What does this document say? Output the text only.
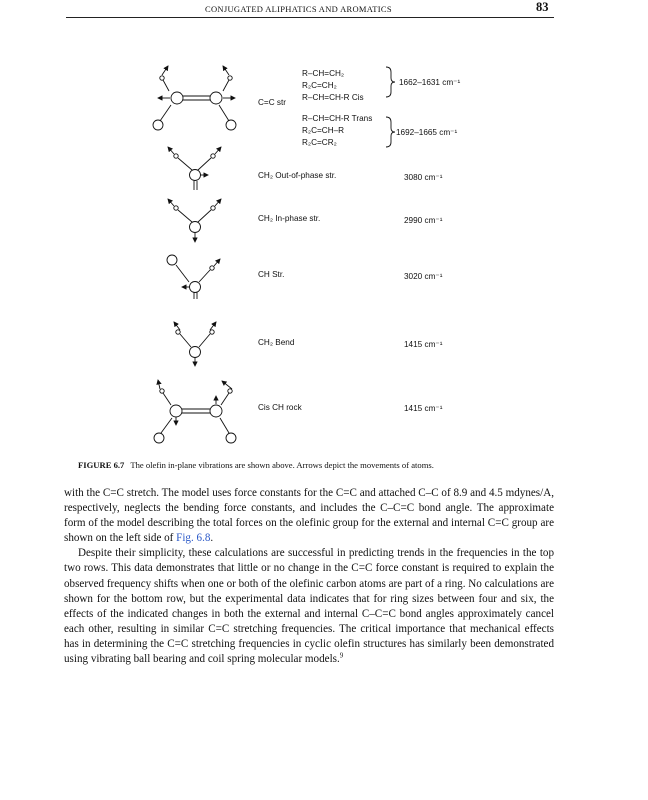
CONJUGATED ALIPHATICS AND AROMATICS	83
R–CH=CH₂
R₂C=CH₂
R–CH=CH-R Cis
1662–1631 cm⁻¹
C=C str
R–CH=CH-R Trans
R₂C=CH–R
R₂C=CR₂
1692–1665 cm⁻¹
CH₂ Out-of-phase str.	3080 cm⁻¹
CH₂ In-phase str.	2990 cm⁻¹
CH Str.	3020 cm⁻¹
CH₂ Bend	1415 cm⁻¹
Cis CH rock	1415 cm⁻¹
FIGURE 6.7 The olefin in-plane vibrations are shown above. Arrows depict the movements of atoms.

with the C=C stretch. The model uses force constants for the C=C and attached C–C of 8.9 and 4.5 mdynes/A, respectively, neglects the bending force constants, and includes the C–C=C bond angle. The approximate form of the model describing the total forces on the olefinic group for the external and internal C=C group are shown on the left side of Fig. 6.8.

Despite their simplicity, these calculations are successful in predicting trends in the frequencies in the top two rows. This data demonstrates that little or no change in the C=C force constant is required to explain the observed frequency shifts when one or both of the olefinic carbon atoms are part of a ring. No calculations are shown for the bottom row, but the experimental data indicates that for ring sizes between four and six, the effects of the indicated changes in both the external and internal C–C=C bond angles approximately cancel each other, resulting in similar C=C stretching frequencies. The critical importance that mechanical effects has in determining the C=C stretching frequencies in cyclic olefin structures has similarly been demonstrated using vibrating ball bearing and coil spring molecular models.$^9$
